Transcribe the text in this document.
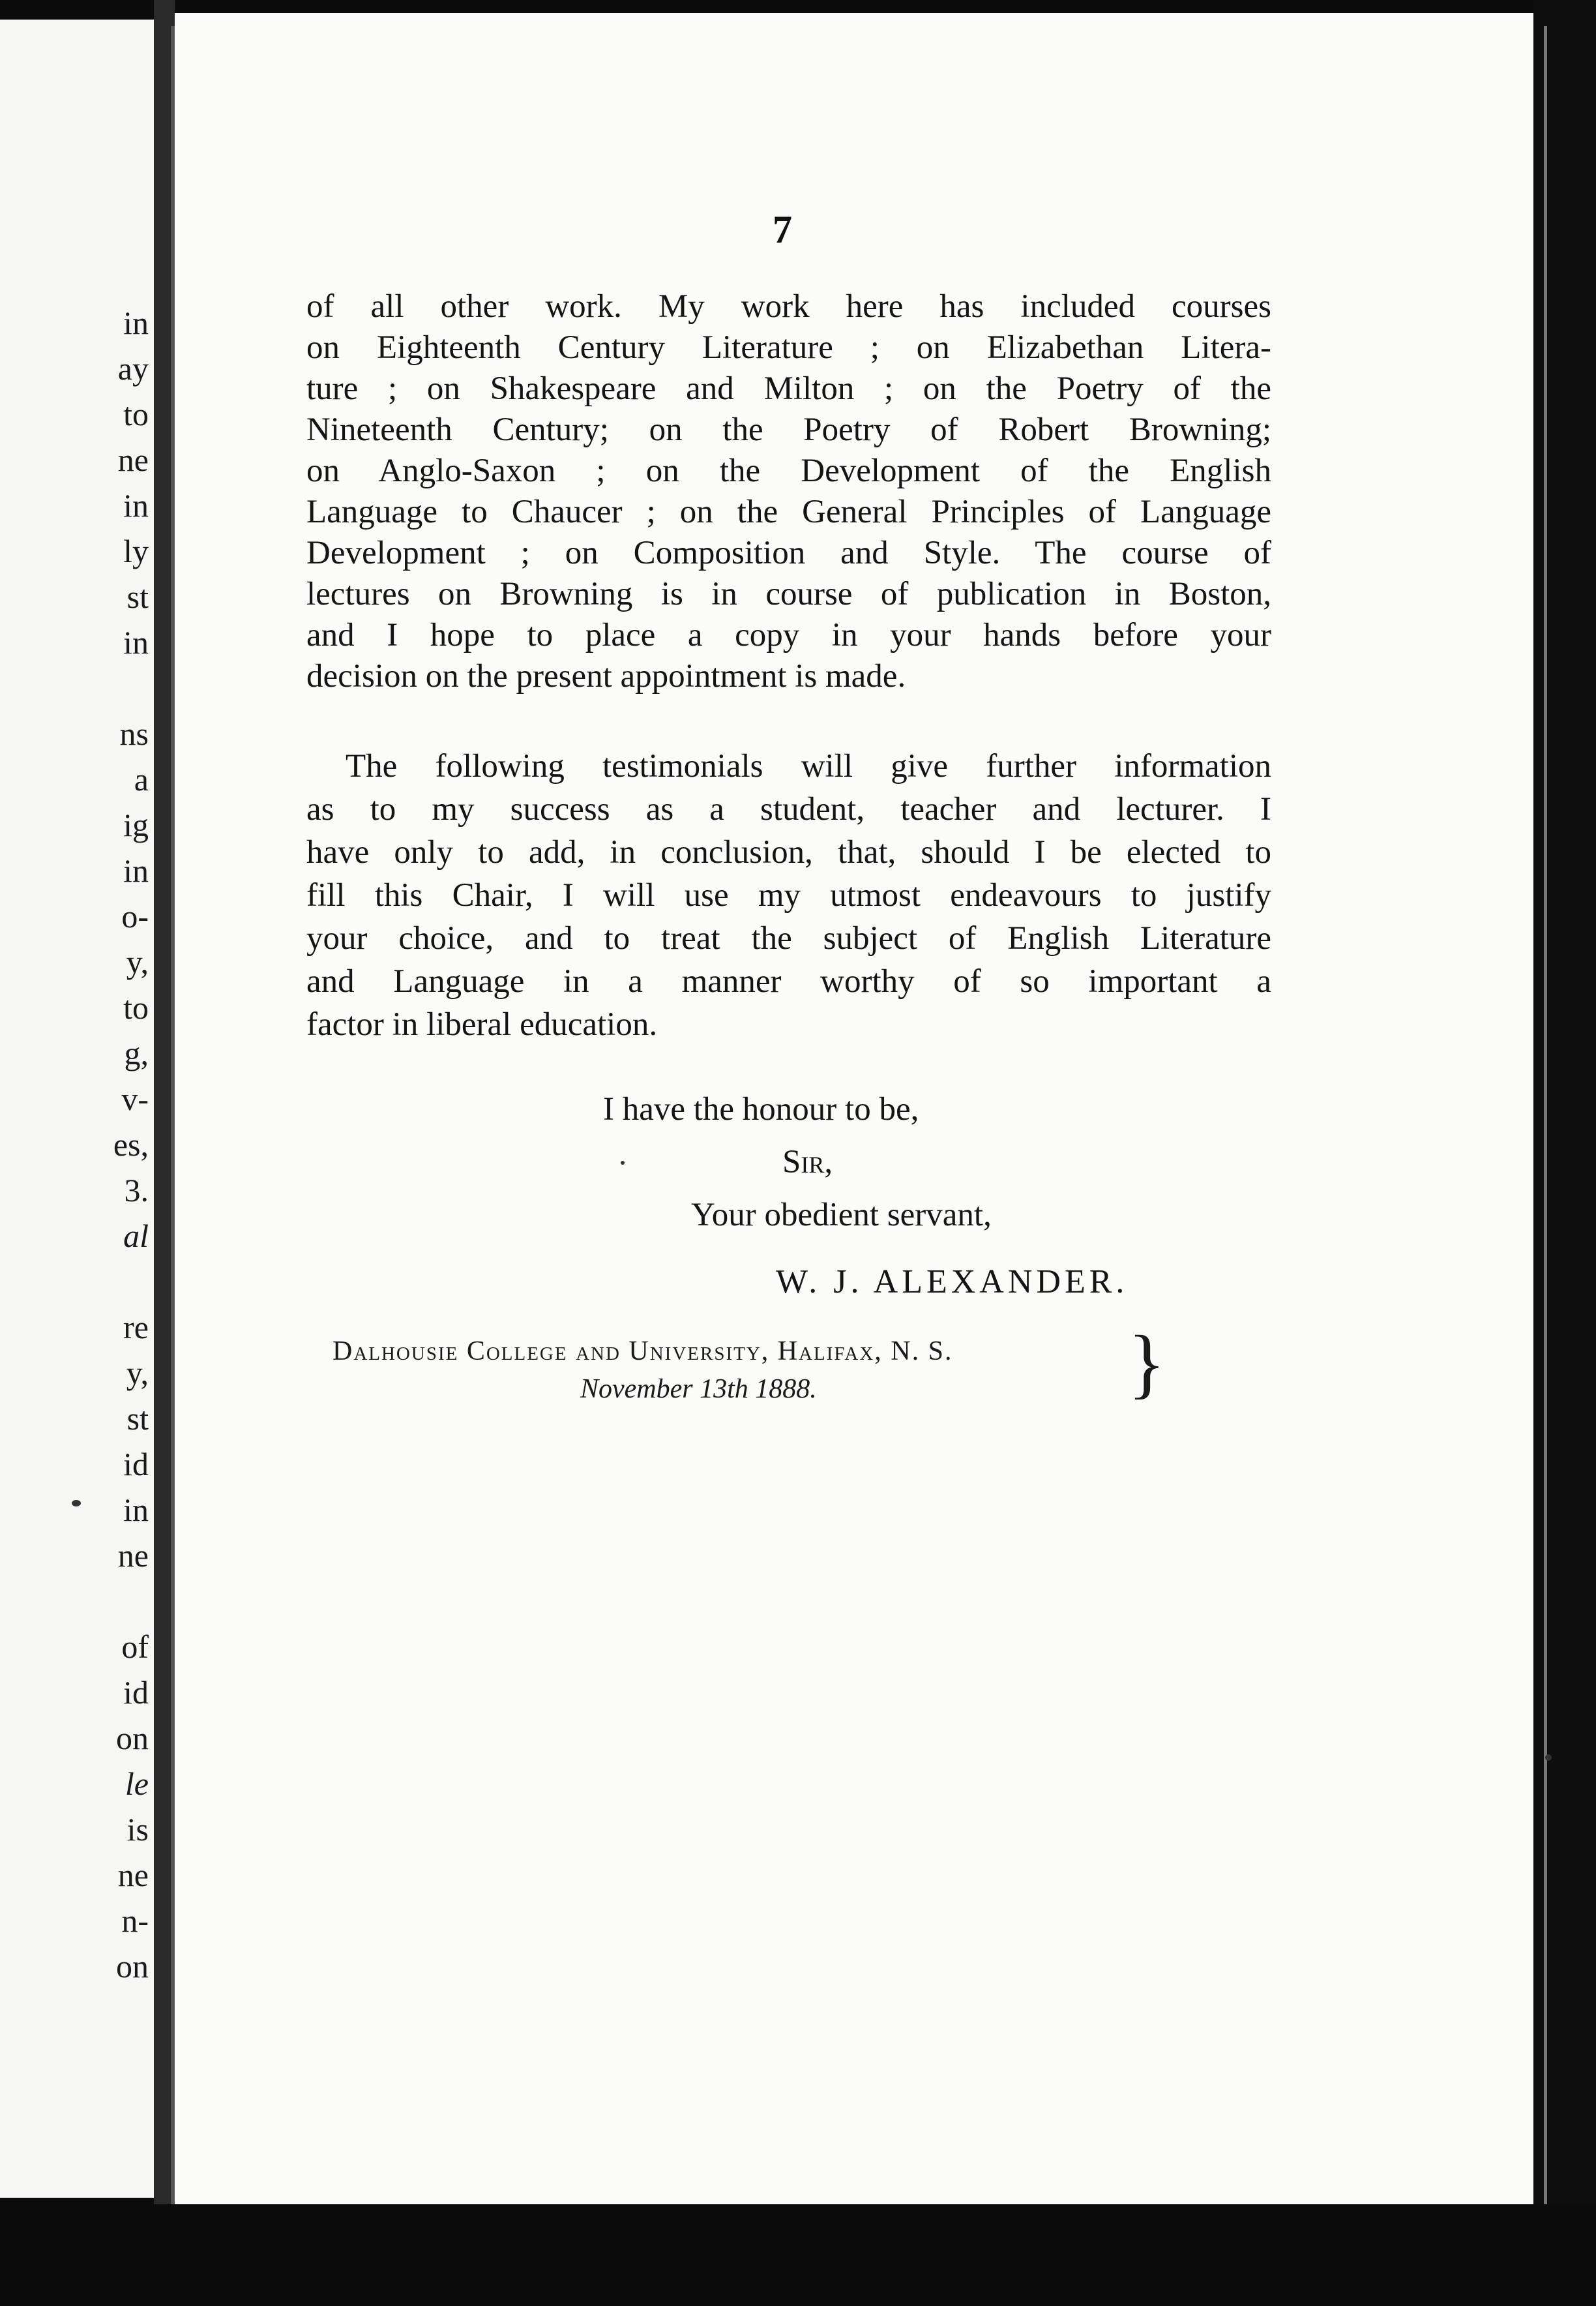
in
ay
to
ne
in
ly
st
in
ns
a
ig
in
o-
y,
to
g,
v-
es,
3.
al
re
y,
st
id
in
ne
of
id
on
le
is
ne
n-
on
7
of all other work. My work here has included courses
on Eighteenth Century Literature ; on Elizabethan Litera-
ture ; on Shakespeare and Milton ; on the Poetry of the
Nineteenth Century; on the Poetry of Robert Browning;
on Anglo-Saxon ; on the Development of the English
Language to Chaucer ; on the General Principles of Language
Development ; on Composition and Style. The course of
lectures on Browning is in course of publication in Boston,
and I hope to place a copy in your hands before your
decision on the present appointment is made.
The following testimonials will give further information
as to my success as a student, teacher and lecturer. I
have only to add, in conclusion, that, should I be elected to
fill this Chair, I will use my utmost endeavours to justify
your choice, and to treat the subject of English Literature
and Language in a manner worthy of so important a
factor in liberal education.
I have the honour to be,
Sir,
Your obedient servant,
W. J. ALEXANDER.
Dalhousie College and University, Halifax, N. S.
November 13th 1888.	}
